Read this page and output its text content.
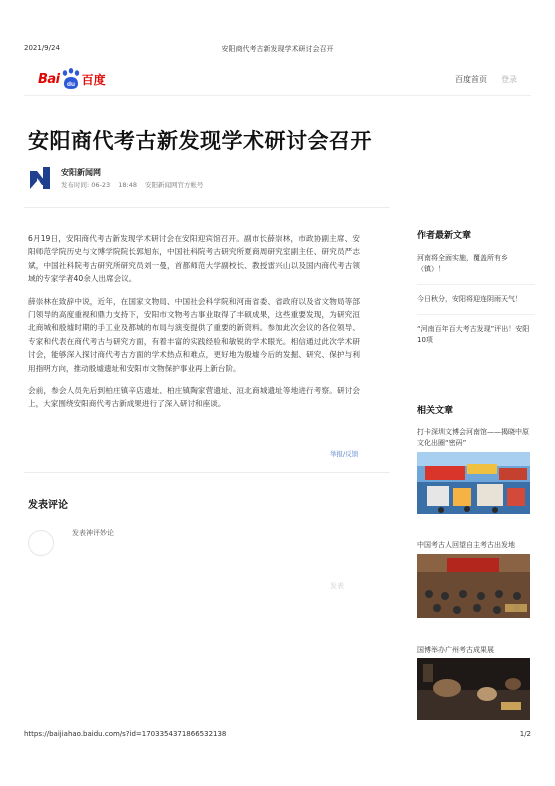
2021/9/24	安阳商代考古新发现学术研讨会召开
Bai du 百度	百度首页 登录
安阳商代考古新发现学术研讨会召开
安阳新闻网
发布时间: 06-23 18:48 安阳新闻网官方帐号

6月19日，安阳商代考古新发现学术研讨会在安阳迎宾馆召开。副市长薛崇林，市政协副主席、安阳师范学院历史与文博学院院长郭旭东，中国社科院考古研究所夏商周研究室副主任、研究员严志斌，中国社科院考古研究所研究员刘一曼，首都师范大学副校长、教授雷兴山以及国内商代考古领域的专家学者40余人出席会议。

薛崇林在致辞中说，近年，在国家文物局、中国社会科学院和河南省委、省政府以及省文物局等部门领导的高度重视和鼎力支持下，安阳市文物考古事业取得了丰硕成果，这些重要发现，为研究洹北商城和殷墟时期的手工业及都城的布局与演变提供了重要的新资料。参加此次会议的各位领导、专家和代表在商代考古与研究方面，有着丰富的实践经验和敏锐的学术眼光。相信通过此次学术研讨会，能够深入探讨商代考古方面的学术热点和难点，更好地为殷墟今后的发掘、研究、保护与利用指明方向，推动殷墟遗址和安阳市文物保护事业再上新台阶。

会前，参会人员先后到柏庄镇辛店遗址、柏庄镇陶家营遗址、洹北商城遗址等地进行考察。研讨会上，大家围绕安阳商代考古新成果进行了深入研讨和座谈。

举报/反馈
发表评论
发表神评妙论
发表
作者最新文章
河南将全面实施，覆盖所有乡（镇）！
今日秋分，安阳将迎连阴雨天气！
“河南百年百大考古发现”评出！安阳10项
相关文章
打卡深圳文博会河南馆——揭晓中原文化出圈“密码”
中国考古人回望自主考古出发地
国博举办广州考古成果展
https://baijiahao.baidu.com/s?id=1703354371866532138	1/2
